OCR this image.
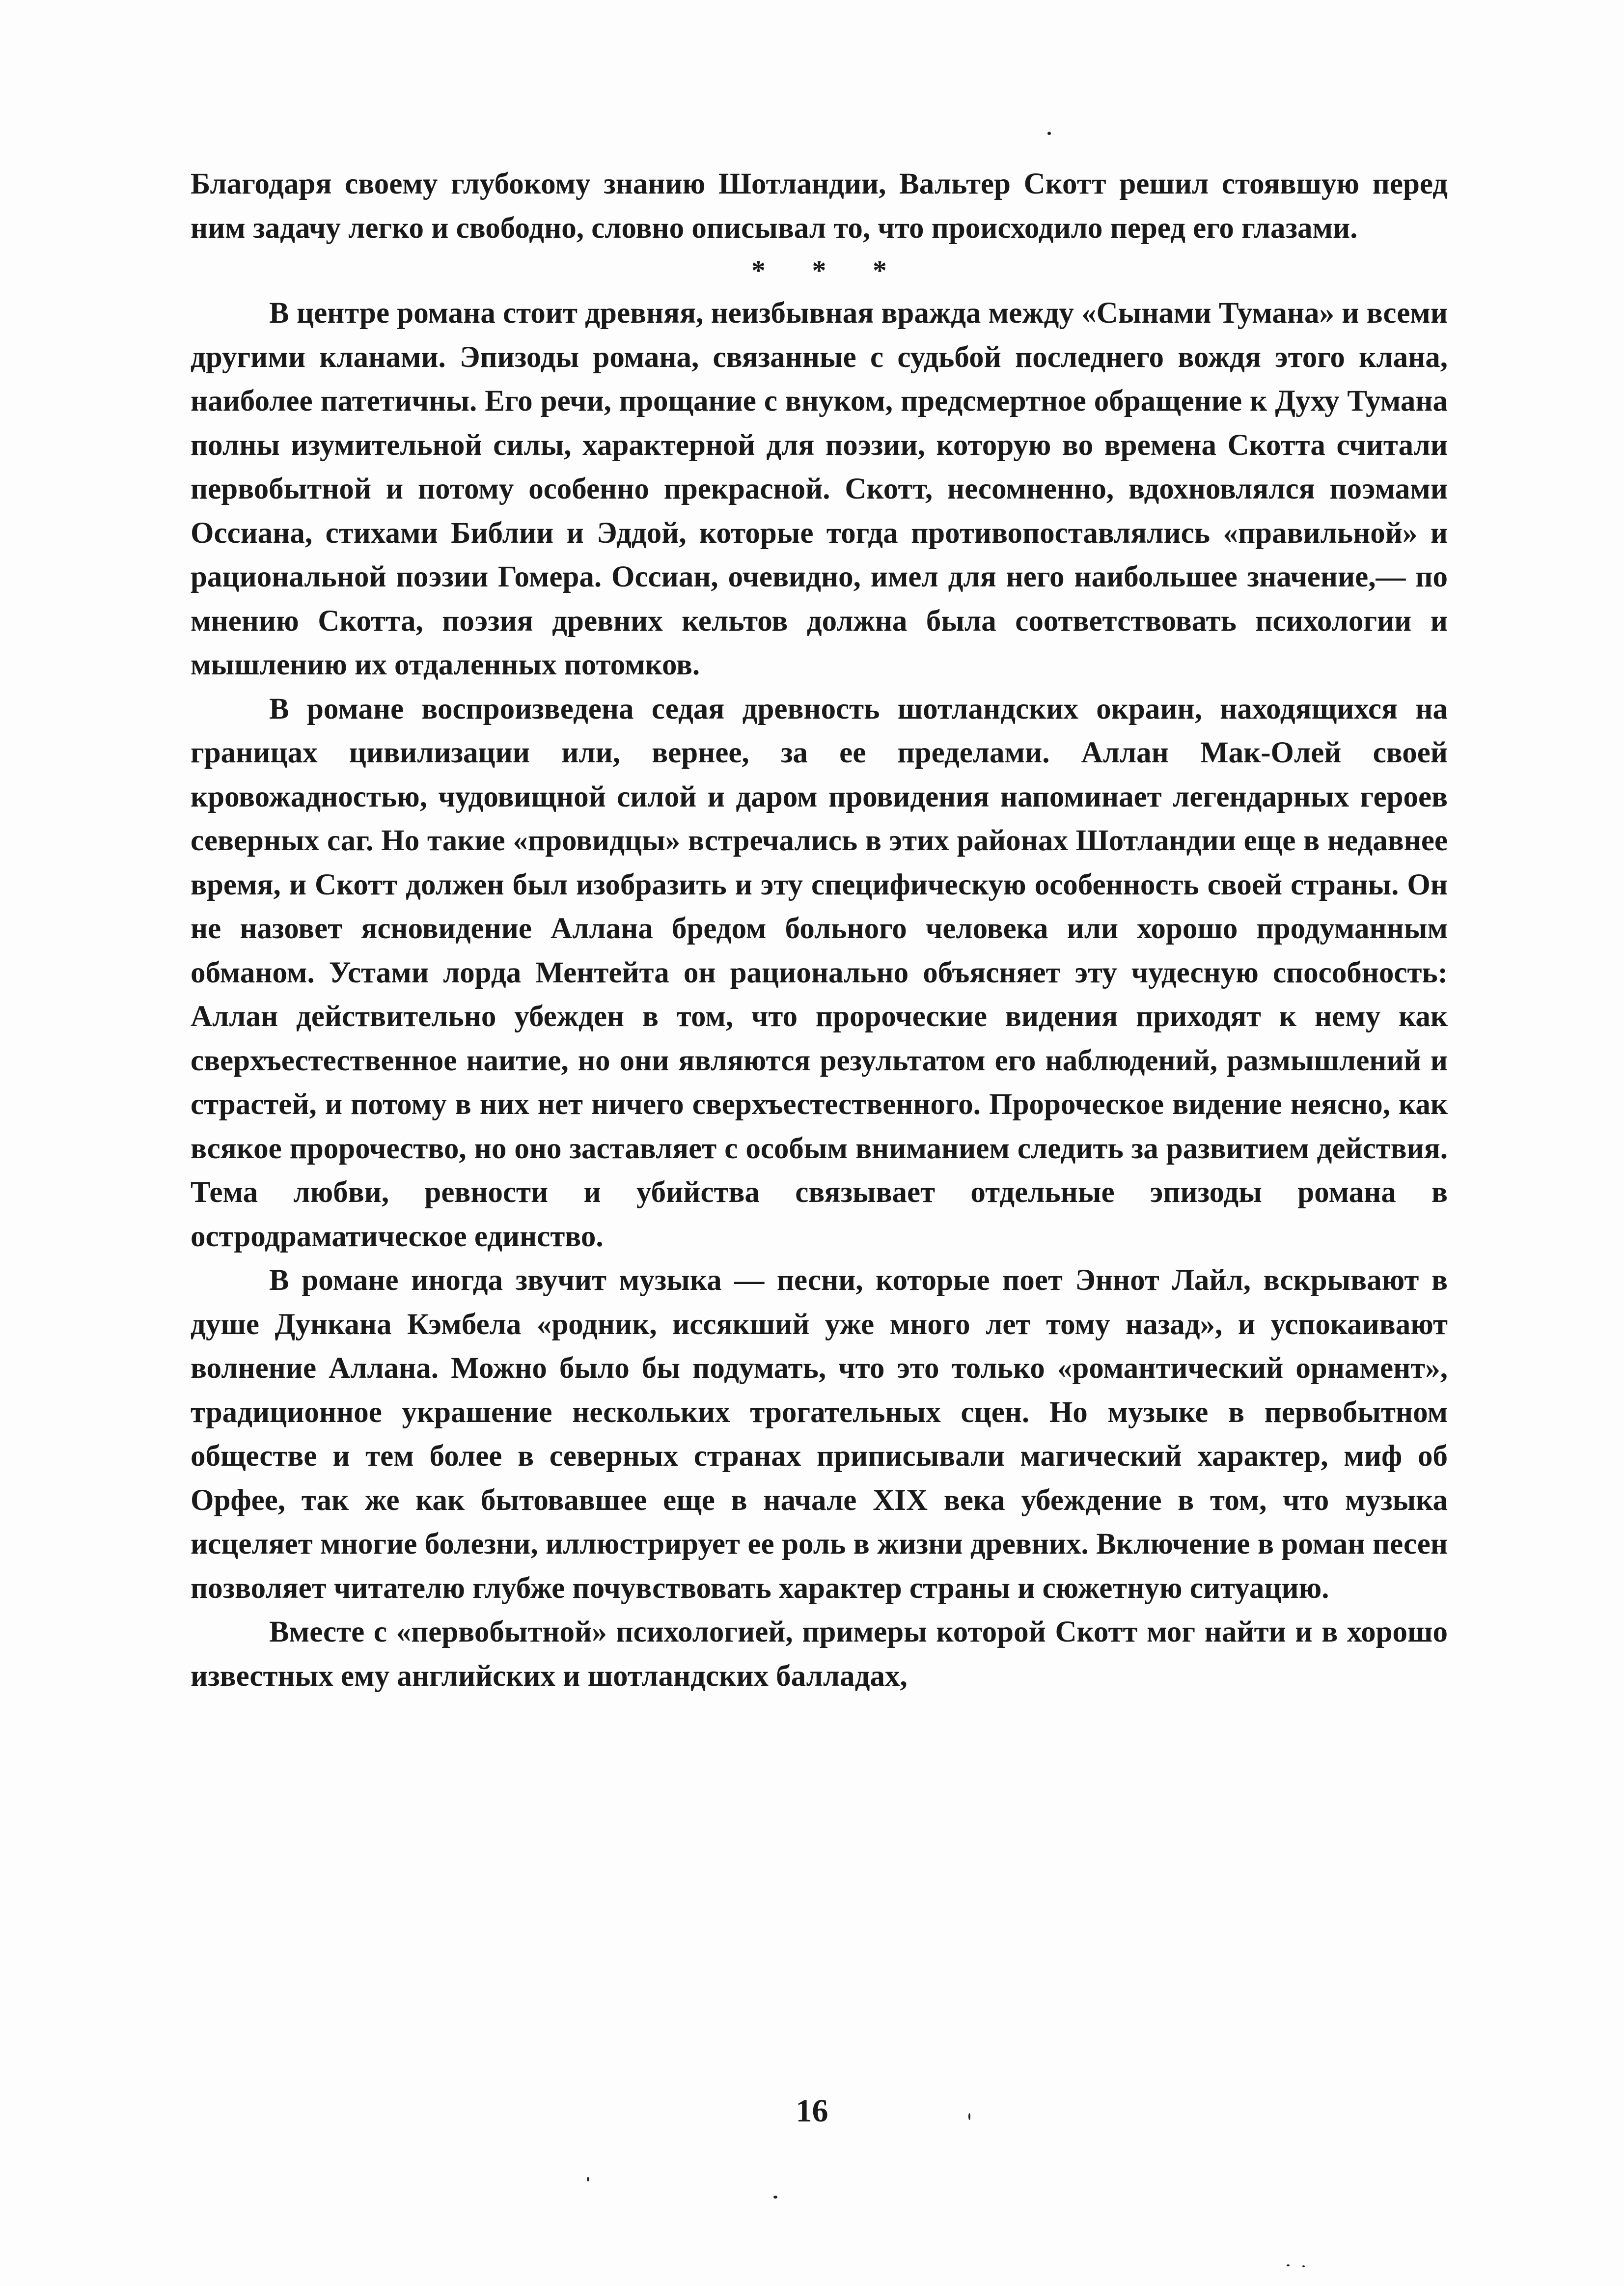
Благодаря своему глубокому знанию Шотландии, Вальтер Скотт решил стоявшую перед ним задачу легко и свободно, словно описывал то, что происходило перед его глазами.

* * *

В центре романа стоит древняя, неизбывная вражда между «Сынами Тумана» и всеми другими кланами. Эпизоды романа, связанные с судьбой последнего вождя этого клана, наиболее патетичны. Его речи, прощание с внуком, предсмертное обращение к Духу Тумана полны изумительной силы, характерной для поэзии, которую во времена Скотта считали первобытной и потому особенно прекрасной. Скотт, несомненно, вдохновлялся поэмами Оссиана, стихами Библии и Эддой, которые тогда противопоставлялись «правильной» и рациональной поэзии Гомера. Оссиан, очевидно, имел для него наибольшее значение,— по мнению Скотта, поэзия древних кельтов должна была соответствовать психологии и мышлению их отдаленных потомков.

В романе воспроизведена седая древность шотландских окраин, находящихся на границах цивилизации или, вернее, за ее пределами. Аллан Мак-Олей своей кровожадностью, чудовищной силой и даром провидения напоминает легендарных героев северных саг. Но такие «провидцы» встречались в этих районах Шотландии еще в недавнее время, и Скотт должен был изобразить и эту специфическую особенность своей страны. Он не назовет ясновидение Аллана бредом больного человека или хорошо продуманным обманом. Устами лорда Ментейта он рационально объясняет эту чудесную способность: Аллан действительно убежден в том, что пророческие видения приходят к нему как сверхъестественное наитие, но они являются результатом его наблюдений, размышлений и страстей, и потому в них нет ничего сверхъестественного. Пророческое видение неясно, как всякое пророчество, но оно заставляет с особым вниманием следить за развитием действия. Тема любви, ревности и убийства связывает отдельные эпизоды романа в остродраматическое единство.

В романе иногда звучит музыка — песни, которые поет Эннот Лайл, вскрывают в душе Дункана Кэмбела «родник, иссякший уже много лет тому назад», и успокаивают волнение Аллана. Можно было бы подумать, что это только «романтический орнамент», традиционное украшение нескольких трогательных сцен. Но музыке в первобытном обществе и тем более в северных странах приписывали магический характер, миф об Орфее, так же как бытовавшее еще в начале XIX века убеждение в том, что музыка исцеляет многие болезни, иллюстрирует ее роль в жизни древних. Включение в роман песен позволяет читателю глубже почувствовать характер страны и сюжетную ситуацию.

Вместе с «первобытной» психологией, примеры которой Скотт мог найти и в хорошо известных ему английских и шотландских балладах,

16
